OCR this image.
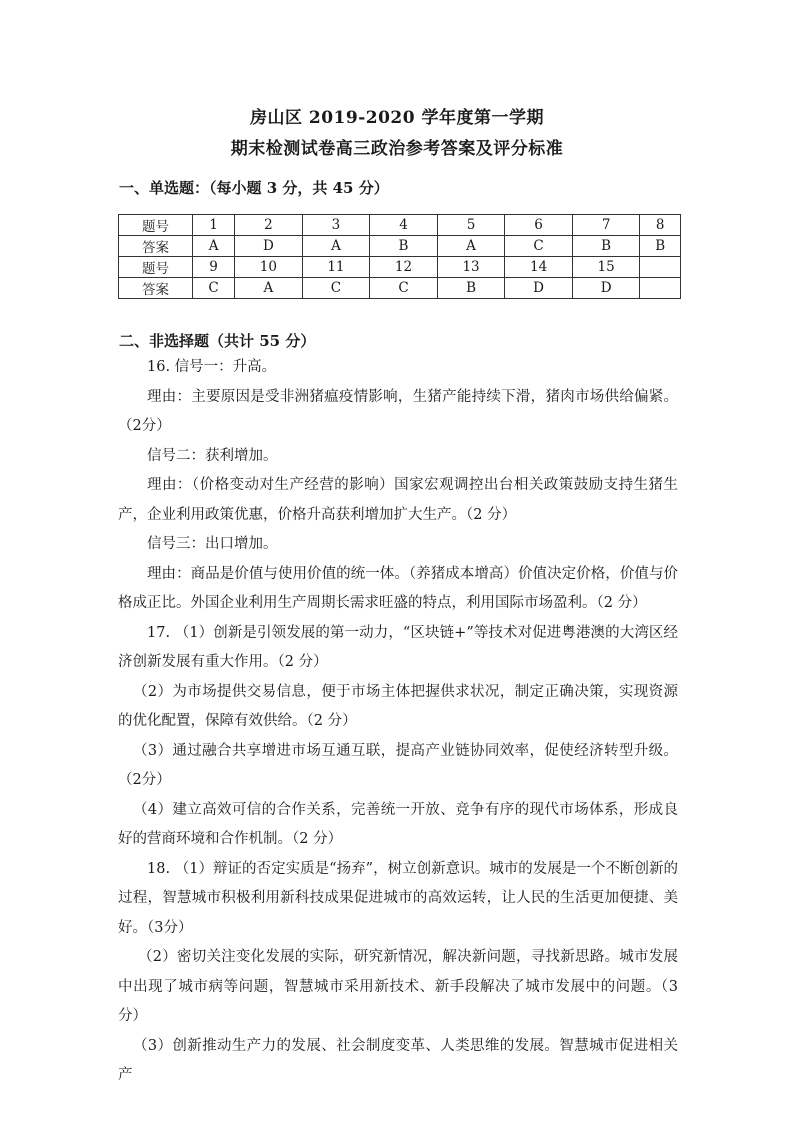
房山区 2019-2020 学年度第一学期
期末检测试卷高三政治参考答案及评分标准
一、单选题：（每小题 3 分，共 45 分）
题号	1	2	3	4	5	6	7	8
答案	A	D	A	B	A	C	B	B
题号	9	10	11	12	13	14	15	
答案	C	A	C	C	B	D	D	
二、非选择题（共计 55 分）

16. 信号一：升高。

理由：主要原因是受非洲猪瘟疫情影响，生猪产能持续下滑，猪肉市场供给偏紧。（2分）

信号二：获利增加。

理由：（价格变动对生产经营的影响）国家宏观调控出台相关政策鼓励支持生猪生产，企业利用政策优惠，价格升高获利增加扩大生产。（2 分）

信号三：出口增加。

理由：商品是价值与使用价值的统一体。（养猪成本增高）价值决定价格，价值与价格成正比。外国企业利用生产周期长需求旺盛的特点，利用国际市场盈利。（2 分）

17. （1）创新是引领发展的第一动力，“区块链+”等技术对促进粤港澳的大湾区经济创新发展有重大作用。（2 分）

（2）为市场提供交易信息，便于市场主体把握供求状况，制定正确决策，实现资源的优化配置，保障有效供给。（2 分）

（3）通过融合共享增进市场互通互联，提高产业链协同效率，促使经济转型升级。（2分）

（4）建立高效可信的合作关系，完善统一开放、竞争有序的现代市场体系，形成良好的营商环境和合作机制。（2 分）

18. （1）辩证的否定实质是“扬弃”，树立创新意识。城市的发展是一个不断创新的过程，智慧城市积极利用新科技成果促进城市的高效运转，让人民的生活更加便捷、美好。（3分）

（2）密切关注变化发展的实际，研究新情况，解决新问题，寻找新思路。城市发展中出现了城市病等问题，智慧城市采用新技术、新手段解决了城市发展中的问题。（3 分）

（3）创新推动生产力的发展、社会制度变革、人类思维的发展。智慧城市促进相关产
